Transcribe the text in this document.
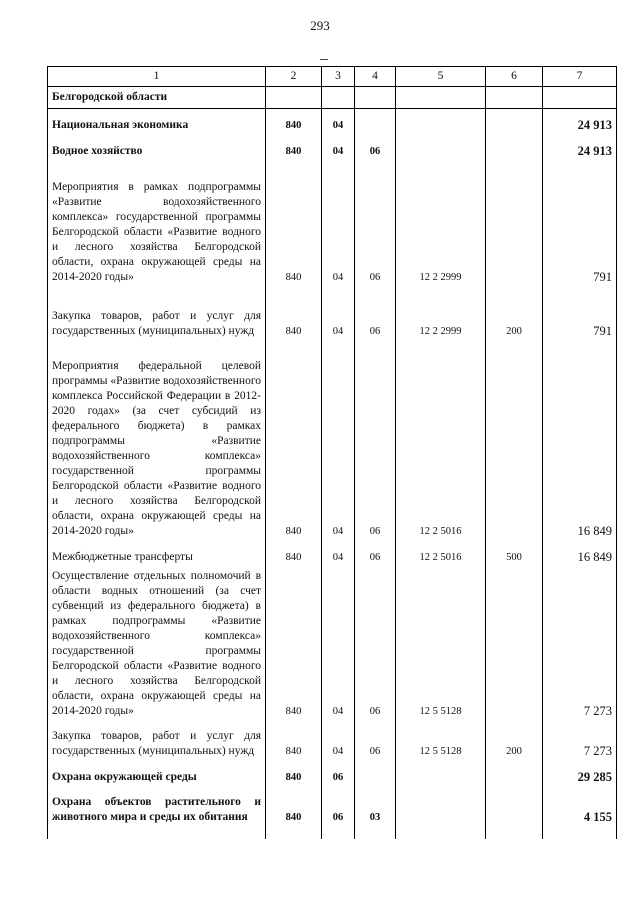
293
1	2	3	4	5	6	7
Белгородской области						
Национальная экономика	840	04				24 913
Водное хозяйство	840	04	06			24 913
Мероприятия в рамках подпрограммы «Развитие водохозяйственного комплекса» государственной программы Белгородской области «Развитие водного и лесного хозяйства Белгородской области, охрана окружающей среды на 2014-2020 годы»	840	04	06	12 2 2999		791
Закупка товаров, работ и услуг для государственных (муниципальных) нужд	840	04	06	12 2 2999	200	791
Мероприятия федеральной целевой программы «Развитие водохозяйственного комплекса Российской Федерации в 2012-2020 годах» (за счет субсидий из федерального бюджета) в рамках подпрограммы «Развитие водохозяйственного комплекса» государственной программы Белгородской области «Развитие водного и лесного хозяйства Белгородской области, охрана окружающей среды на 2014-2020 годы»	840	04	06	12 2 5016		16 849
Межбюджетные трансферты	840	04	06	12 2 5016	500	16 849
Осуществление отдельных полномочий в области водных отношений (за счет субвенций из федерального бюджета) в рамках подпрограммы «Развитие водохозяйственного комплекса» государственной программы Белгородской области «Развитие водного и лесного хозяйства Белгородской области, охрана окружающей среды на 2014-2020 годы»	840	04	06	12 5 5128		7 273
Закупка товаров, работ и услуг для государственных (муниципальных) нужд	840	04	06	12 5 5128	200	7 273
Охрана окружающей среды	840	06				29 285
Охрана объектов растительного и животного мира и среды их обитания	840	06	03			4 155
